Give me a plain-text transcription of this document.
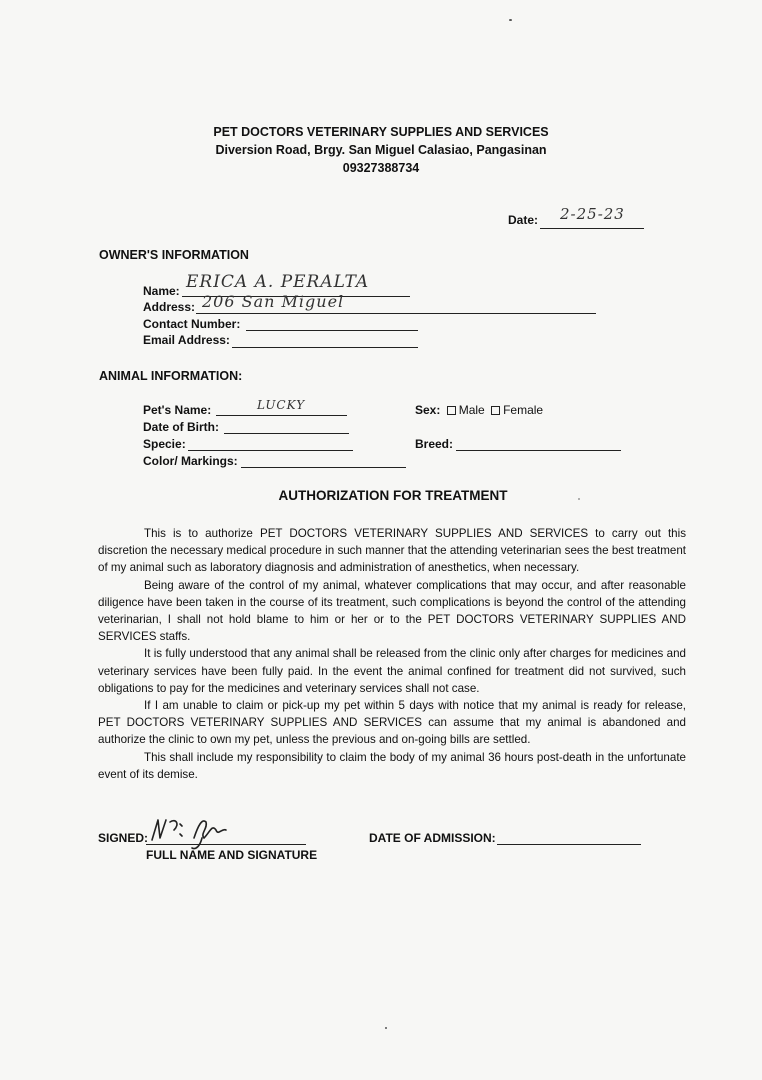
PET DOCTORS VETERINARY SUPPLIES AND SERVICES
Diversion Road, Brgy. San Miguel Calasiao, Pangasinan
09327388734
Date: 2-25-23
OWNER'S INFORMATION
Name: ERICA A. PERALTA
Address: 206 San Miguel
Contact Number:
Email Address:
ANIMAL INFORMATION:
Pet's Name:	LUCKY
Date of Birth:
Specie:
Color/ Markings:
Sex: Male Female
Breed:
AUTHORIZATION FOR TREATMENT

This is to authorize PET DOCTORS VETERINARY SUPPLIES AND SERVICES to carry out this discretion the necessary medical procedure in such manner that the attending veterinarian sees the best treatment of my animal such as laboratory diagnosis and administration of anesthetics, when necessary.

Being aware of the control of my animal, whatever complications that may occur, and after reasonable diligence have been taken in the course of its treatment, such complications is beyond the control of the attending veterinarian, I shall not hold blame to him or her or to the PET DOCTORS VETERINARY SUPPLIES AND SERVICES staffs.

It is fully understood that any animal shall be released from the clinic only after charges for medicines and veterinary services have been fully paid. In the event the animal confined for treatment did not survived, such obligations to pay for the medicines and veterinary services shall not case.

If I am unable to claim or pick-up my pet within 5 days with notice that my animal is ready for release, PET DOCTORS VETERINARY SUPPLIES AND SERVICES can assume that my animal is abandoned and authorize the clinic to own my pet, unless the previous and on-going bills are settled.

This shall include my responsibility to claim the body of my animal 36 hours post-death in the unfortunate event of its demise.

SIGNED:
FULL NAME AND SIGNATURE
DATE OF ADMISSION:
